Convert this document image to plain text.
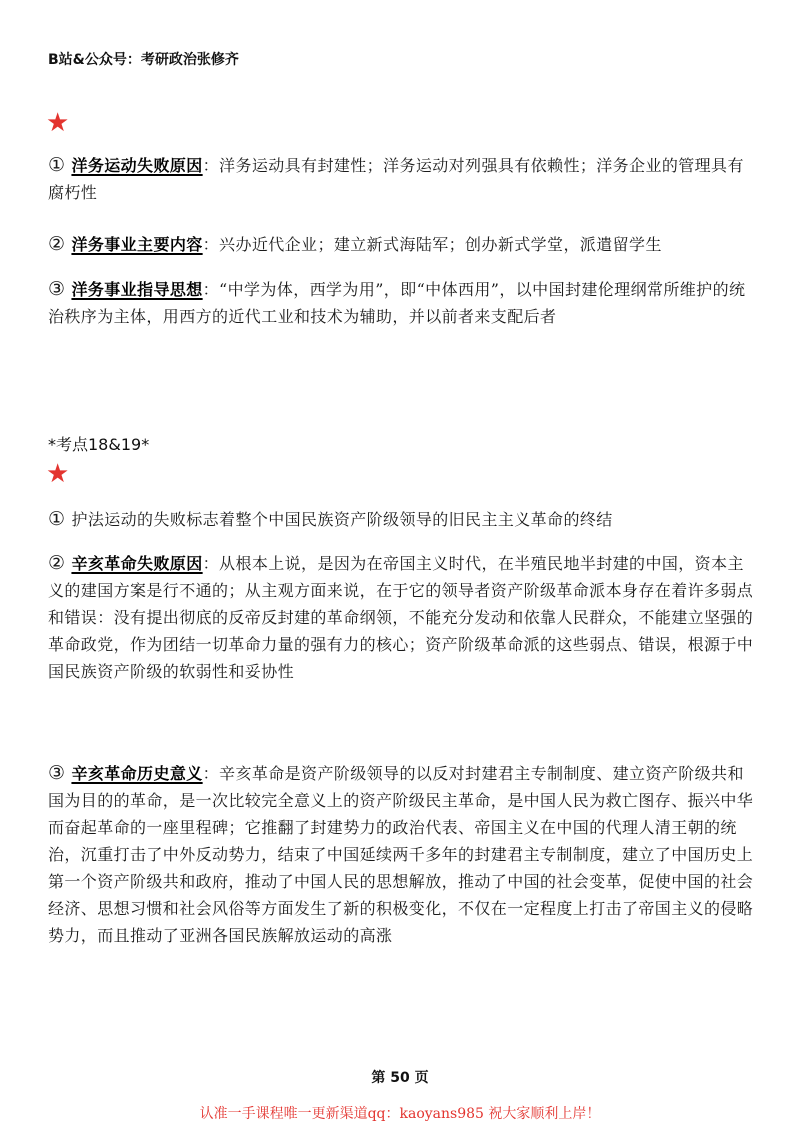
B站&公众号：考研政治张修齐
★
① 洋务运动失败原因：洋务运动具有封建性；洋务运动对列强具有依赖性；洋务企业的管理具有腐朽性
② 洋务事业主要内容：兴办近代企业；建立新式海陆军；创办新式学堂，派遣留学生
③ 洋务事业指导思想：“中学为体，西学为用”，即“中体西用”，以中国封建伦理纲常所维护的统治秩序为主体，用西方的近代工业和技术为辅助，并以前者来支配后者
*考点18&19*
★
① 护法运动的失败标志着整个中国民族资产阶级领导的旧民主主义革命的终结
② 辛亥革命失败原因：从根本上说，是因为在帝国主义时代，在半殖民地半封建的中国，资本主义的建国方案是行不通的；从主观方面来说，在于它的领导者资产阶级革命派本身存在着许多弱点和错误：没有提出彻底的反帝反封建的革命纲领，不能充分发动和依靠人民群众，不能建立坚强的革命政党，作为团结一切革命力量的强有力的核心；资产阶级革命派的这些弱点、错误，根源于中国民族资产阶级的软弱性和妥协性
③ 辛亥革命历史意义：辛亥革命是资产阶级领导的以反对封建君主专制制度、建立资产阶级共和国为目的的革命，是一次比较完全意义上的资产阶级民主革命，是中国人民为救亡图存、振兴中华而奋起革命的一座里程碑；它推翻了封建势力的政治代表、帝国主义在中国的代理人清王朝的统治，沉重打击了中外反动势力，结束了中国延续两千多年的封建君主专制制度，建立了中国历史上第一个资产阶级共和政府，推动了中国人民的思想解放，推动了中国的社会变革，促使中国的社会经济、思想习惯和社会风俗等方面发生了新的积极变化，不仅在一定程度上打击了帝国主义的侵略势力，而且推动了亚洲各国民族解放运动的高涨
第 50 页
认准一手课程唯一更新渠道qq：kaoyans985 祝大家顺利上岸！
